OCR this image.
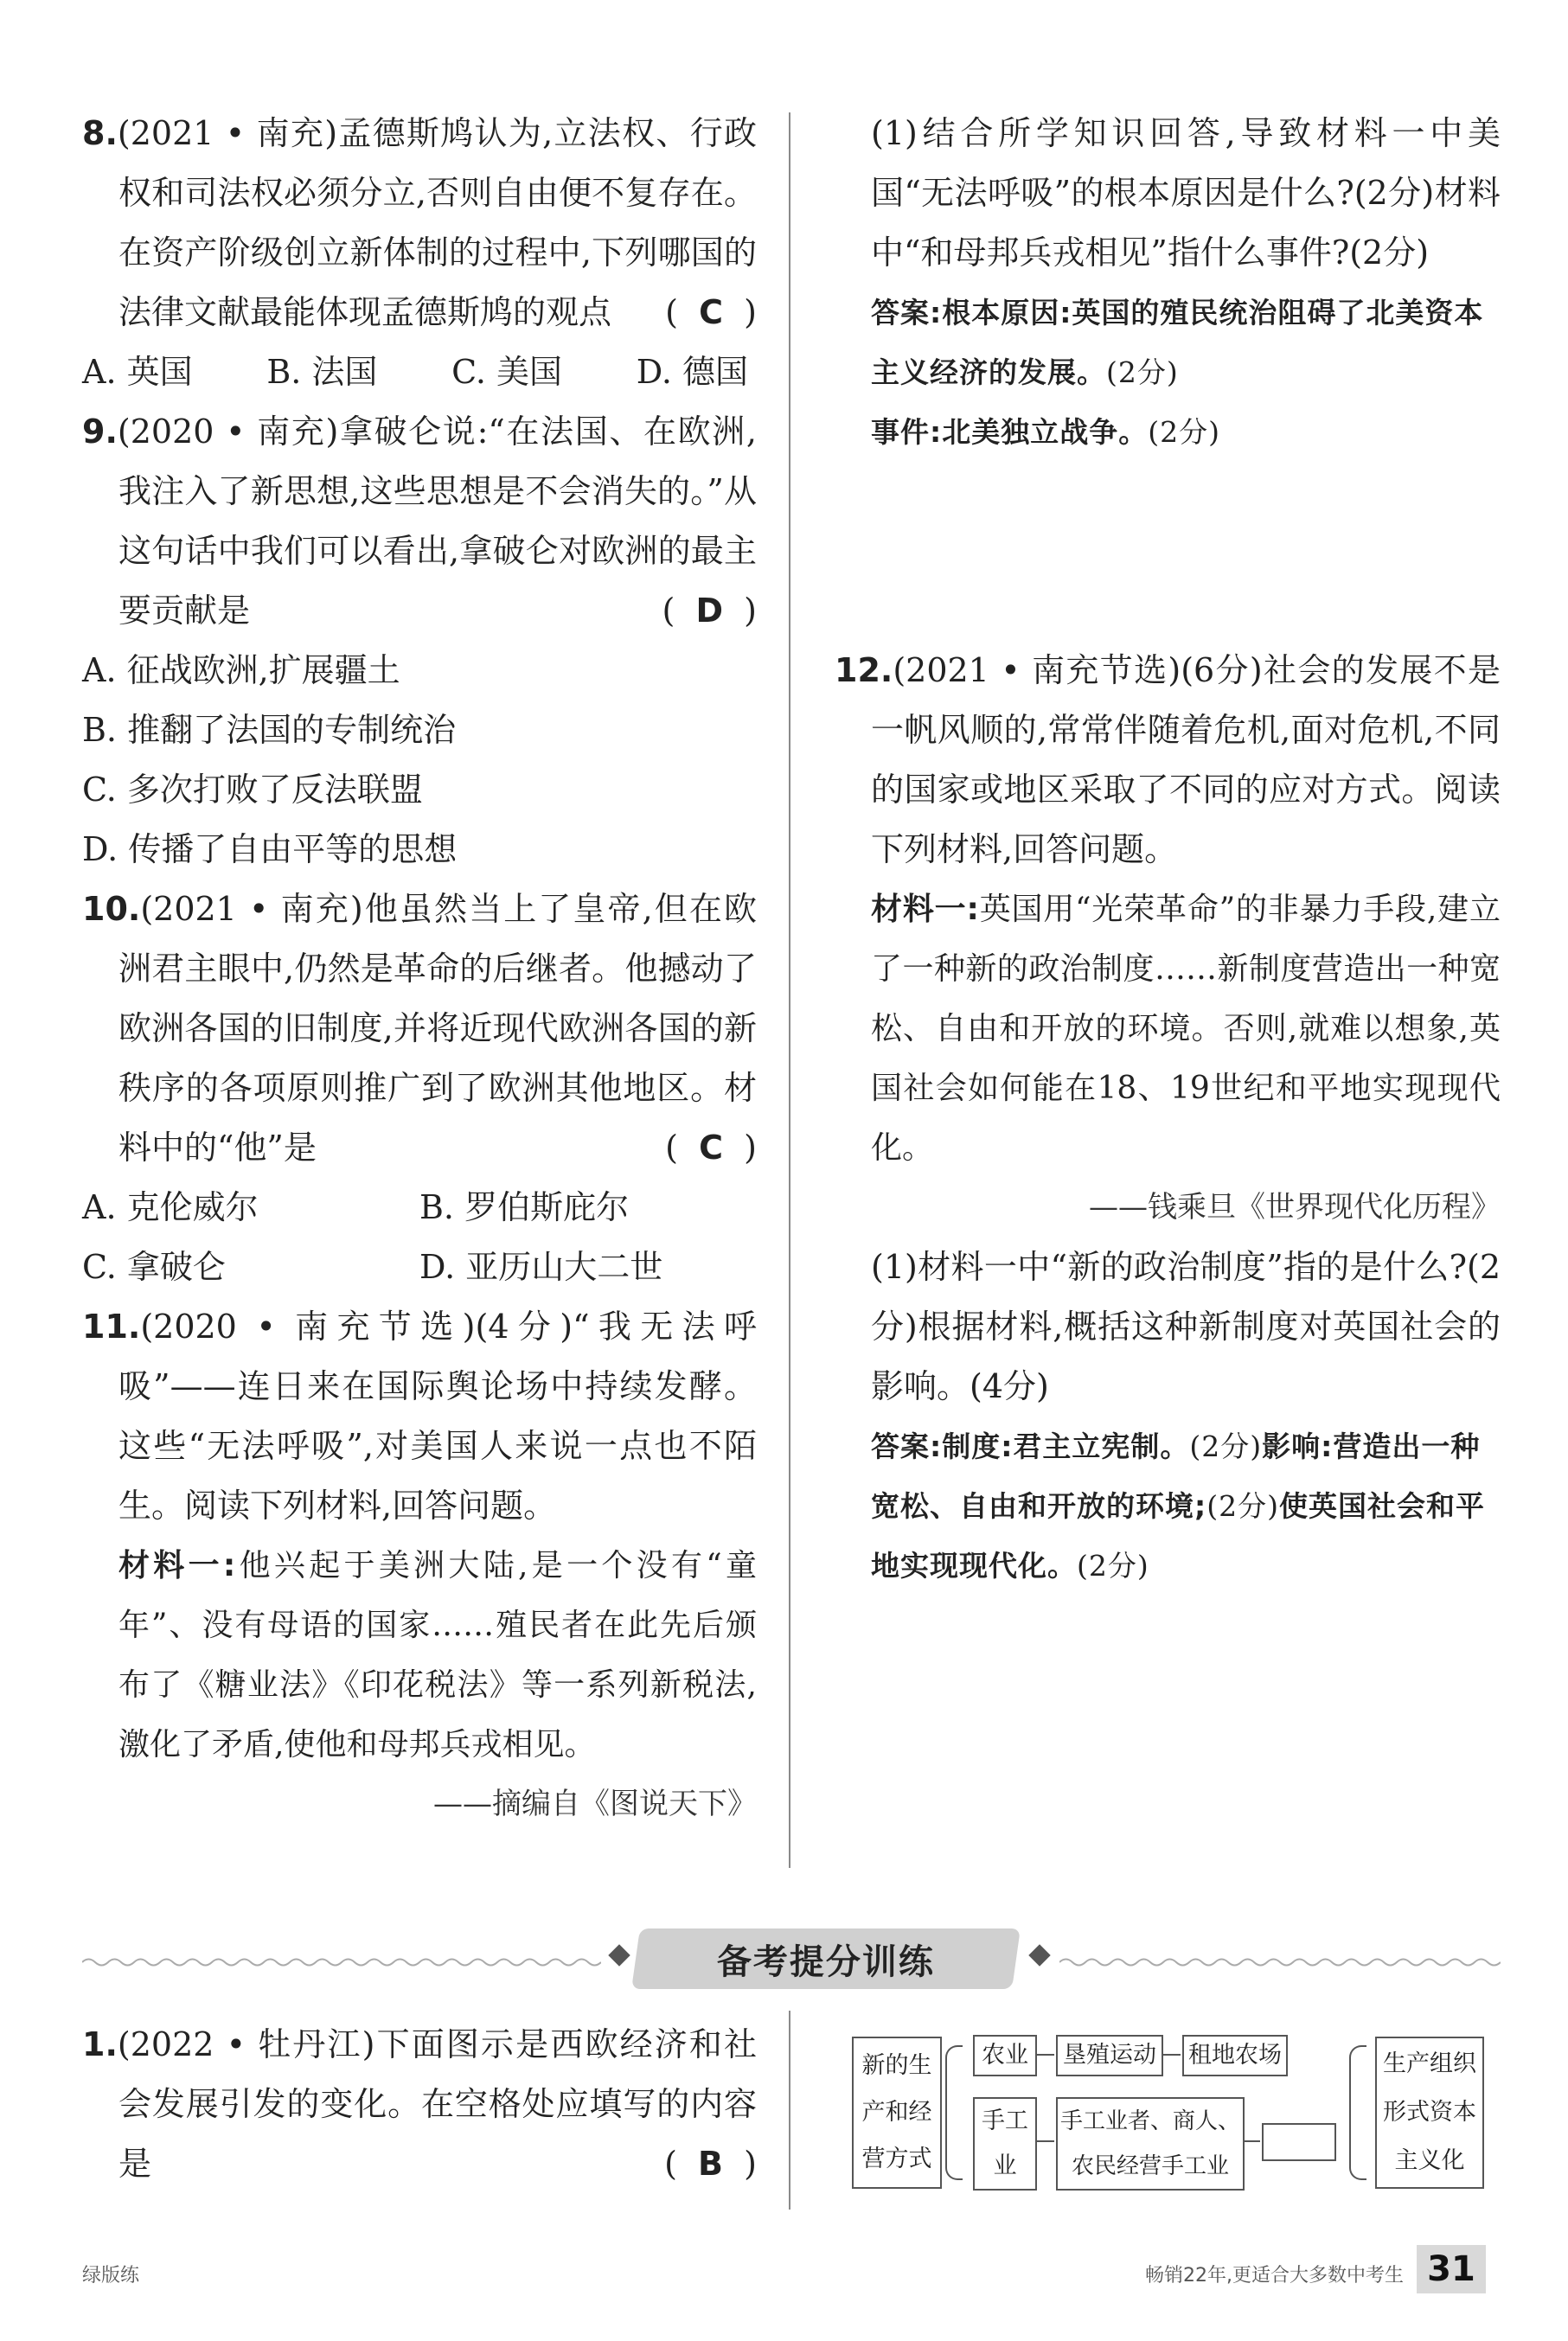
8.(2021 • 南充)孟德斯鸠认为,立法权、行政权和司法权必须分立,否则自由便不复存在。在资产阶级创立新体制的过程中,下列哪国的法律文献最能体现孟德斯鸠的观点	(  C  )
A. 英国 B. 法国 C. 美国 D. 德国
9.(2020 • 南充)拿破仑说:“在法国、在欧洲,我注入了新思想,这些思想是不会消失的。”从这句话中我们可以看出,拿破仑对欧洲的最主要贡献是	(  D  )
A. 征战欧洲,扩展疆土
B. 推翻了法国的专制统治
C. 多次打败了反法联盟
D. 传播了自由平等的思想
10.(2021 • 南充)他虽然当上了皇帝,但在欧洲君主眼中,仍然是革命的后继者。他撼动了欧洲各国的旧制度,并将近现代欧洲各国的新秩序的各项原则推广到了欧洲其他地区。材料中的“他”是	(  C  )
A. 克伦威尔	B. 罗伯斯庇尔
C. 拿破仑	D. 亚历山大二世
11.(2020 • 南充节选)(4分)“我无法呼吸”——连日来在国际舆论场中持续发酵。这些“无法呼吸”,对美国人来说一点也不陌生。阅读下列材料,回答问题。
材料一:他兴起于美洲大陆,是一个没有“童年”、没有母语的国家……殖民者在此先后颁布了《糖业法》《印花税法》等一系列新税法,激化了矛盾,使他和母邦兵戎相见。
——摘编自《图说天下》
(1)结合所学知识回答,导致材料一中美国“无法呼吸”的根本原因是什么?(2分)材料中“和母邦兵戎相见”指什么事件?(2分)
答案:根本原因:英国的殖民统治阻碍了北美资本主义经济的发展。(2分)
事件:北美独立战争。(2分)
12.(2021 • 南充节选)(6分)社会的发展不是一帆风顺的,常常伴随着危机,面对危机,不同的国家或地区采取了不同的应对方式。阅读下列材料,回答问题。
材料一:英国用“光荣革命”的非暴力手段,建立了一种新的政治制度……新制度营造出一种宽松、自由和开放的环境。否则,就难以想象,英国社会如何能在18、19世纪和平地实现现代化。
——钱乘旦《世界现代化历程》
(1)材料一中“新的政治制度”指的是什么?(2分)根据材料,概括这种新制度对英国社会的影响。(4分)
答案:制度:君主立宪制。(2分)影响:营造出一种宽松、自由和开放的环境;(2分)使英国社会和平地实现现代化。(2分)
备考提分训练
1.(2022 • 牡丹江)下面图示是西欧经济和社会发展引发的变化。在空格处应填写的内容是	(  B  )
新的生产和经营方式
农业	垦殖运动 租地农场
手工业
手工业者、商人、农民经营手工业
生产组织形式资本主义化
绿版练	畅销22年,更适合大多数中考生 31
